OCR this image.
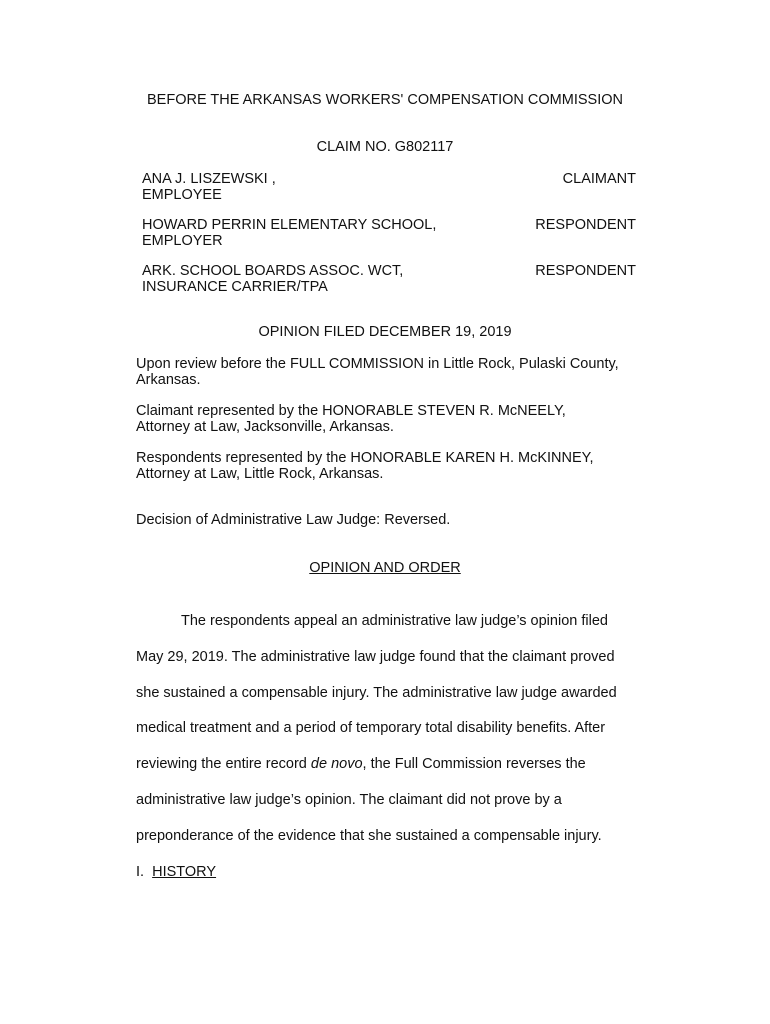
BEFORE THE ARKANSAS WORKERS' COMPENSATION COMMISSION
CLAIM NO. G802117
ANA J. LISZEWSKI ,
EMPLOYEE
CLAIMANT
HOWARD PERRIN ELEMENTARY SCHOOL,
EMPLOYER
RESPONDENT
ARK. SCHOOL BOARDS ASSOC. WCT,
INSURANCE CARRIER/TPA
RESPONDENT
OPINION FILED DECEMBER 19, 2019
Upon review before the FULL COMMISSION in Little Rock, Pulaski County,
Arkansas.
Claimant represented by the HONORABLE STEVEN R. McNEELY,
Attorney at Law, Jacksonville, Arkansas.
Respondents represented by the HONORABLE KAREN H. McKINNEY,
Attorney at Law, Little Rock, Arkansas.
Decision of Administrative Law Judge: Reversed.
OPINION AND ORDER
The respondents appeal an administrative law judge’s opinion filed
May 29, 2019. The administrative law judge found that the claimant proved
she sustained a compensable injury. The administrative law judge awarded
medical treatment and a period of temporary total disability benefits. After
reviewing the entire record de novo, the Full Commission reverses the
administrative law judge’s opinion. The claimant did not prove by a
preponderance of the evidence that she sustained a compensable injury.
I. HISTORY
